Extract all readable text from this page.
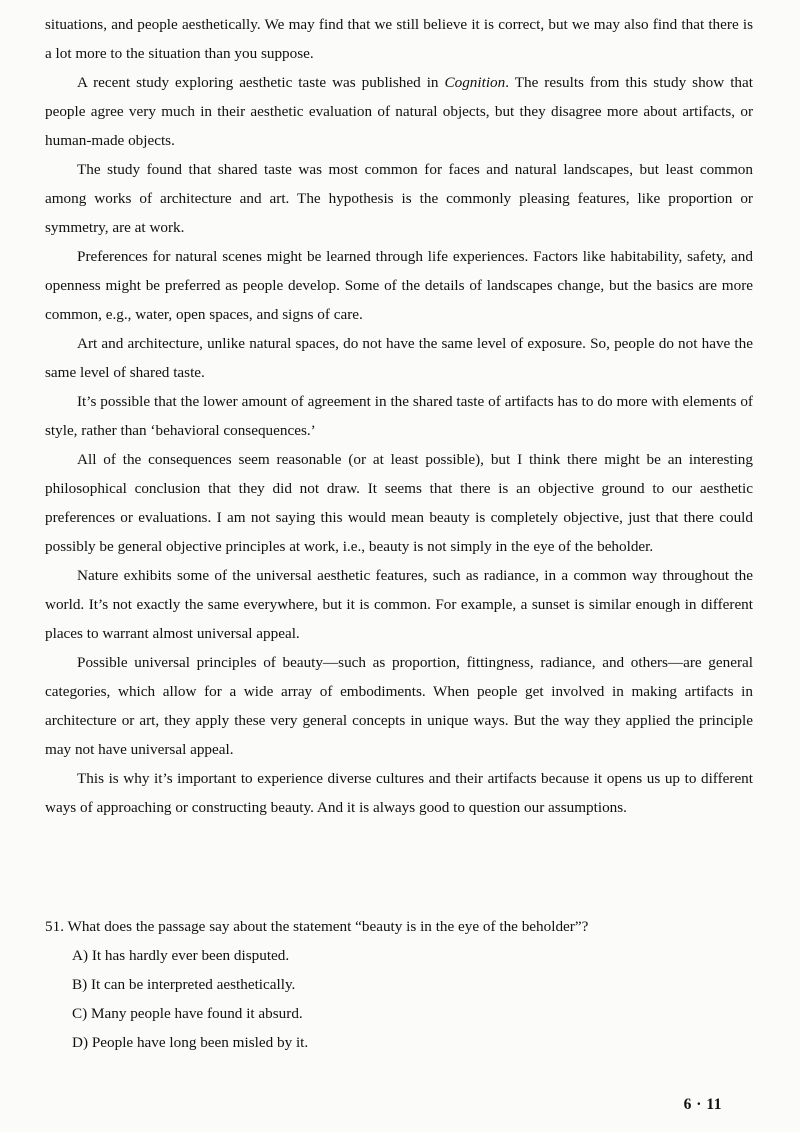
situations, and people aesthetically. We may find that we still believe it is correct, but we may also find that there is a lot more to the situation than you suppose.

A recent study exploring aesthetic taste was published in Cognition. The results from this study show that people agree very much in their aesthetic evaluation of natural objects, but they disagree more about artifacts, or human-made objects.

The study found that shared taste was most common for faces and natural landscapes, but least common among works of architecture and art. The hypothesis is the commonly pleasing features, like proportion or symmetry, are at work.

Preferences for natural scenes might be learned through life experiences. Factors like habitability, safety, and openness might be preferred as people develop. Some of the details of landscapes change, but the basics are more common, e.g., water, open spaces, and signs of care.

Art and architecture, unlike natural spaces, do not have the same level of exposure. So, people do not have the same level of shared taste.

It’s possible that the lower amount of agreement in the shared taste of artifacts has to do more with elements of style, rather than ‘behavioral consequences.’

All of the consequences seem reasonable (or at least possible), but I think there might be an interesting philosophical conclusion that they did not draw. It seems that there is an objective ground to our aesthetic preferences or evaluations. I am not saying this would mean beauty is completely objective, just that there could possibly be general objective principles at work, i.e., beauty is not simply in the eye of the beholder.

Nature exhibits some of the universal aesthetic features, such as radiance, in a common way throughout the world. It’s not exactly the same everywhere, but it is common. For example, a sunset is similar enough in different places to warrant almost universal appeal.

Possible universal principles of beauty—such as proportion, fittingness, radiance, and others—are general categories, which allow for a wide array of embodiments. When people get involved in making artifacts in architecture or art, they apply these very general concepts in unique ways. But the way they applied the principle may not have universal appeal.

This is why it’s important to experience diverse cultures and their artifacts because it opens us up to different ways of approaching or constructing beauty. And it is always good to question our assumptions.

51. What does the passage say about the statement “beauty is in the eye of the beholder”?

A) It has hardly ever been disputed.
B) It can be interpreted aesthetically.
C) Many people have found it absurd.
D) People have long been misled by it.
6 · 11
